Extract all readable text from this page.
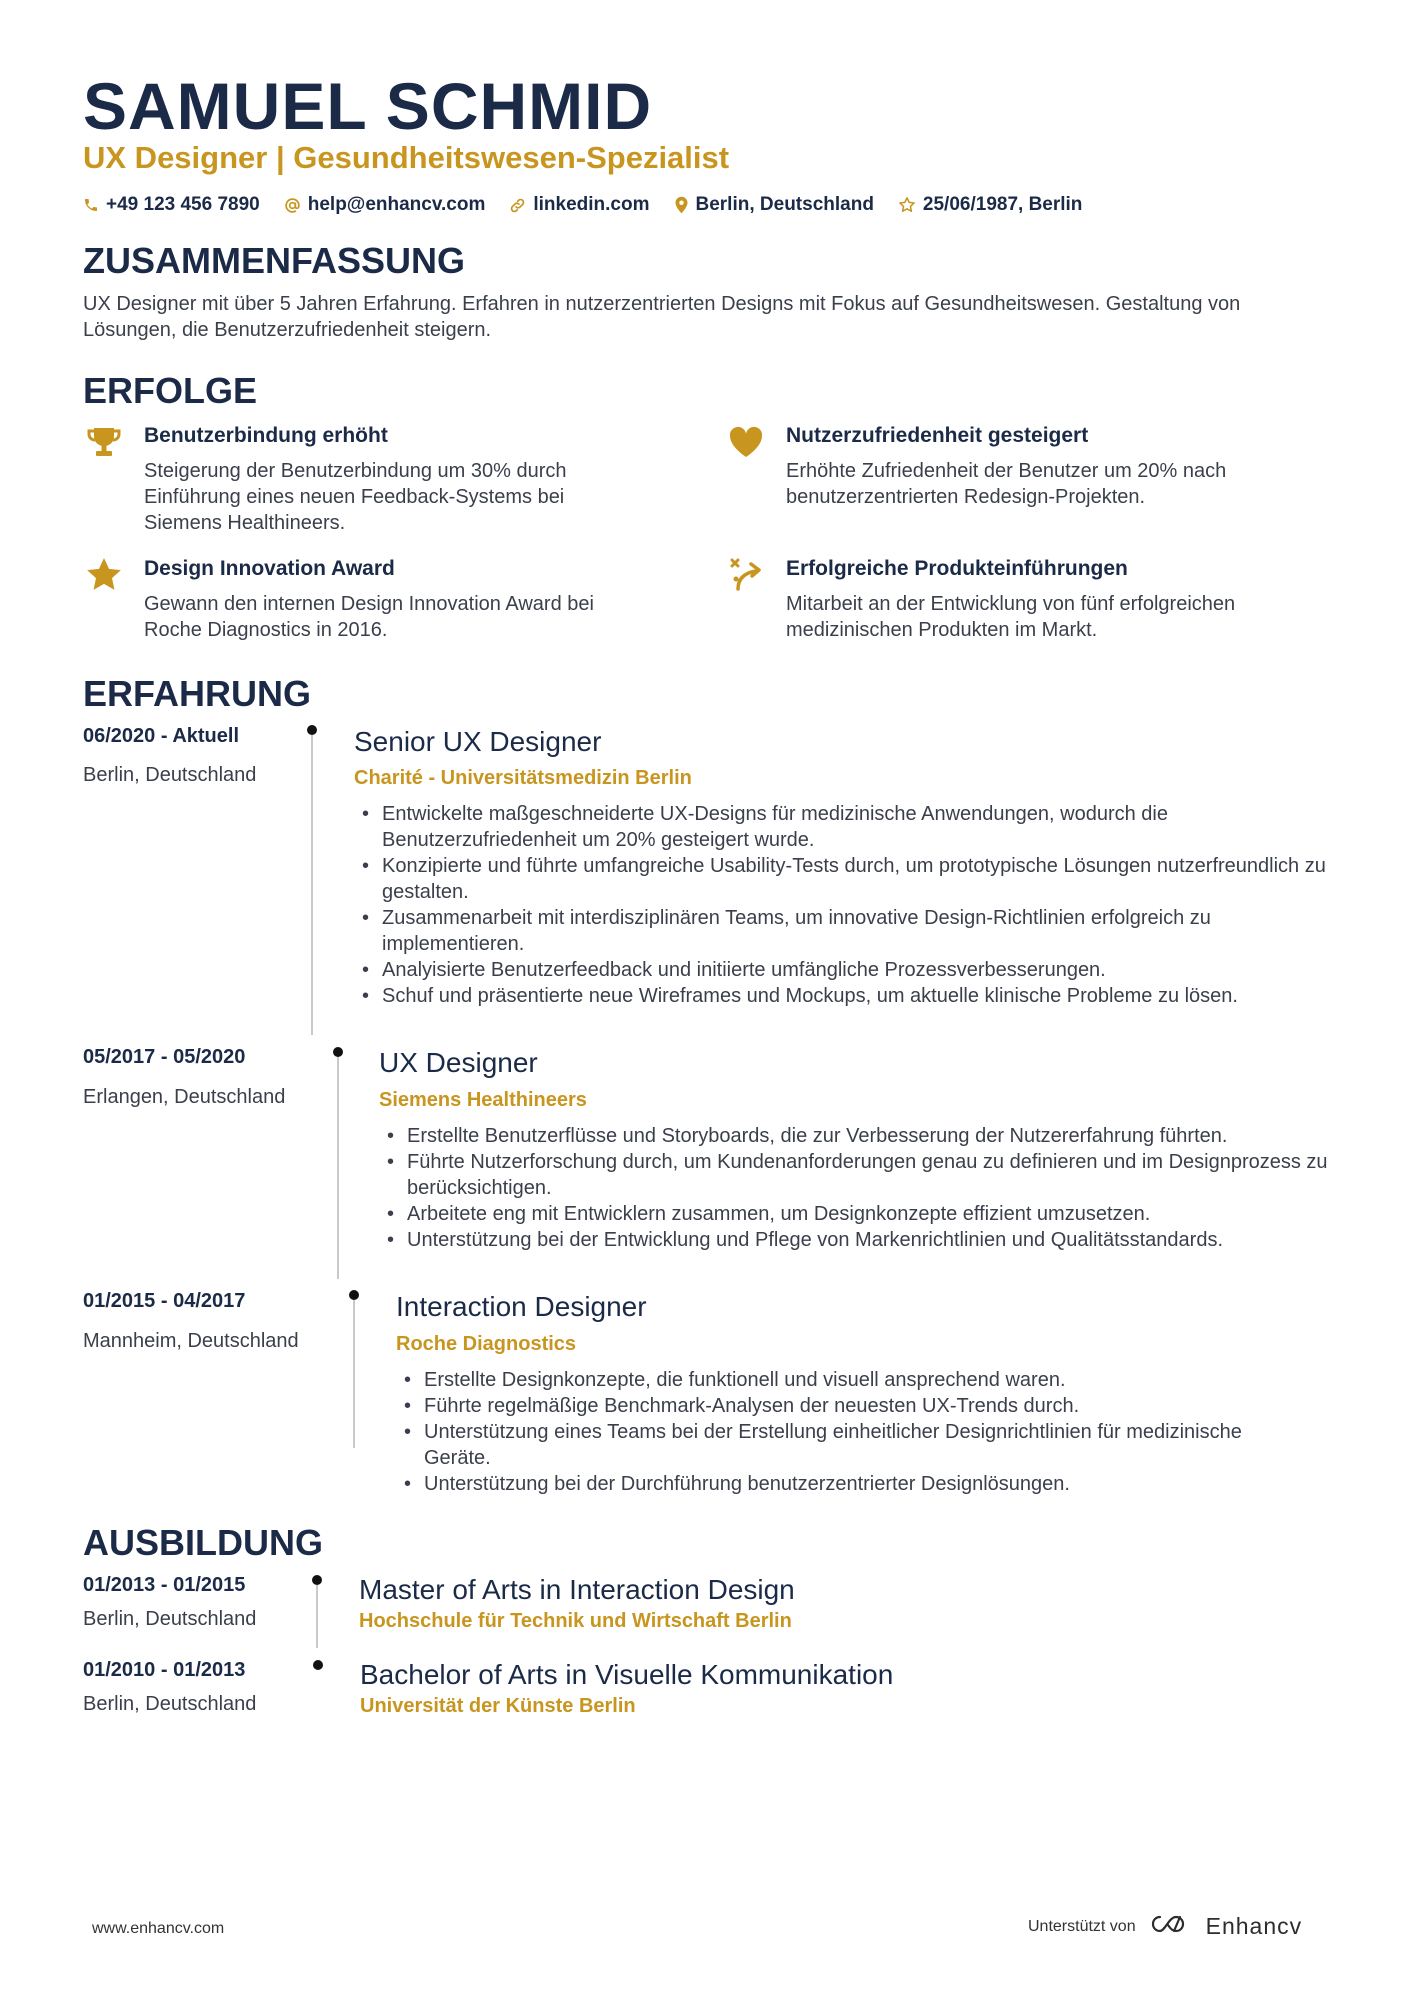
SAMUEL SCHMID
UX Designer | Gesundheitswesen-Spezialist
+49 123 456 7890	help@enhancv.com	linkedin.com Berlin, Deutschland	25/06/1987, Berlin
ZUSAMMENFASSUNG
UX Designer mit über 5 Jahren Erfahrung. Erfahren in nutzerzentrierten Designs mit Fokus auf Gesundheitswesen. Gestaltung von Lösungen, die Benutzerzufriedenheit steigern.
ERFOLGE
Benutzerbindung erhöht
Steigerung der Benutzerbindung um 30% durch Einführung eines neuen Feedback-Systems bei Siemens Healthineers.
Nutzerzufriedenheit gesteigert
Erhöhte Zufriedenheit der Benutzer um 20% nach benutzerzentrierten Redesign-Projekten.
Design Innovation Award
Gewann den internen Design Innovation Award bei Roche Diagnostics in 2016.
Erfolgreiche Produkteinführungen
Mitarbeit an der Entwicklung von fünf erfolgreichen medizinischen Produkten im Markt.
ERFAHRUNG
06/2020 - Aktuell
Berlin, Deutschland
Senior UX Designer
Charité - Universitätsmedizin Berlin
• Entwickelte maßgeschneiderte UX-Designs für medizinische Anwendungen, wodurch die Benutzerzufriedenheit um 20% gesteigert wurde.
• Konzipierte und führte umfangreiche Usability-Tests durch, um prototypische Lösungen nutzerfreundlich zu gestalten.
• Zusammenarbeit mit interdisziplinären Teams, um innovative Design-Richtlinien erfolgreich zu implementieren.
• Analyisierte Benutzerfeedback und initiierte umfängliche Prozessverbesserungen.
• Schuf und präsentierte neue Wireframes und Mockups, um aktuelle klinische Probleme zu lösen.
05/2017 - 05/2020
Erlangen, Deutschland
UX Designer
Siemens Healthineers
• Erstellte Benutzerflüsse und Storyboards, die zur Verbesserung der Nutzererfahrung führten.
• Führte Nutzerforschung durch, um Kundenanforderungen genau zu definieren und im Designprozess zu berücksichtigen.
• Arbeitete eng mit Entwicklern zusammen, um Designkonzepte effizient umzusetzen.
• Unterstützung bei der Entwicklung und Pflege von Markenrichtlinien und Qualitätsstandards.
01/2015 - 04/2017
Mannheim, Deutschland
Interaction Designer
Roche Diagnostics
• Erstellte Designkonzepte, die funktionell und visuell ansprechend waren.
• Führte regelmäßige Benchmark-Analysen der neuesten UX-Trends durch.
• Unterstützung eines Teams bei der Erstellung einheitlicher Designrichtlinien für medizinische Geräte.
• Unterstützung bei der Durchführung benutzerzentrierter Designlösungen.
AUSBILDUNG
01/2013 - 01/2015
Berlin, Deutschland
Master of Arts in Interaction Design
Hochschule für Technik und Wirtschaft Berlin
01/2010 - 01/2013
Berlin, Deutschland
Bachelor of Arts in Visuelle Kommunikation
Universität der Künste Berlin
www.enhancv.com	Unterstützt von	Enhancv
